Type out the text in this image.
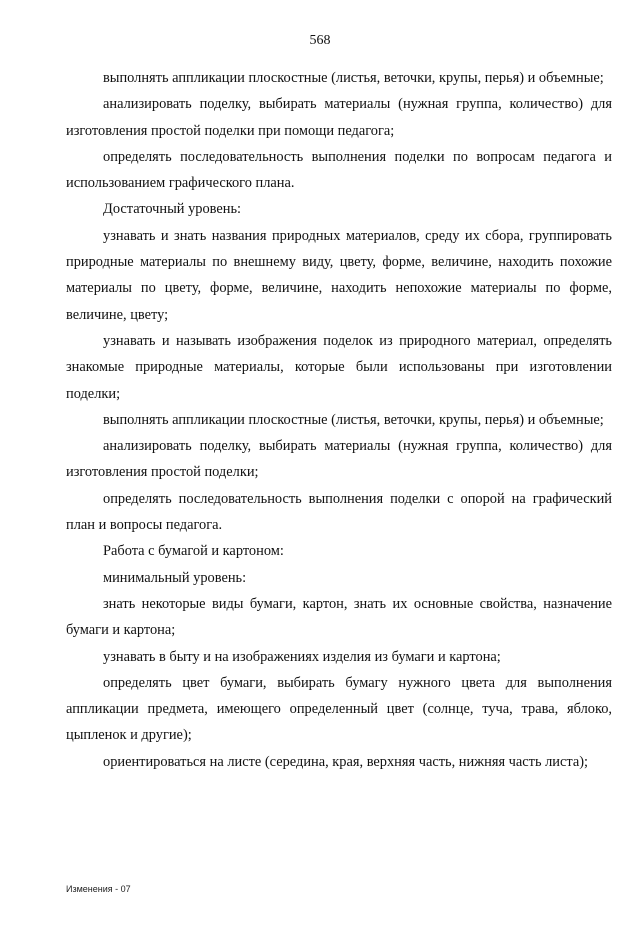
568

выполнять аппликации плоскостные (листья, веточки, крупы, перья) и объемные;

анализировать поделку, выбирать материалы (нужная группа, количество) для изготовления простой поделки при помощи педагога;

определять последовательность выполнения поделки по вопросам педагога и использованием графического плана.

Достаточный уровень:

узнавать и знать названия природных материалов, среду их сбора, группировать природные материалы по внешнему виду, цвету, форме, величине, находить похожие материалы по цвету, форме, величине, находить непохожие материалы по форме, величине, цвету;

узнавать и называть изображения поделок из природного материал, определять знакомые природные материалы, которые были использованы при изготовлении поделки;

выполнять аппликации плоскостные (листья, веточки, крупы, перья) и объемные;

анализировать поделку, выбирать материалы (нужная группа, количество) для изготовления простой поделки;

определять последовательность выполнения поделки с опорой на графический план и вопросы педагога.

Работа с бумагой и картоном:

минимальный уровень:

знать некоторые виды бумаги, картон, знать их основные свойства, назначение бумаги и картона;

узнавать в быту и на изображениях изделия из бумаги и картона;

определять цвет бумаги, выбирать бумагу нужного цвета для выполнения аппликации предмета, имеющего определенный цвет (солнце, туча, трава, яблоко, цыпленок и другие);

ориентироваться на листе (середина, края, верхняя часть, нижняя часть листа);

Изменения - 07
